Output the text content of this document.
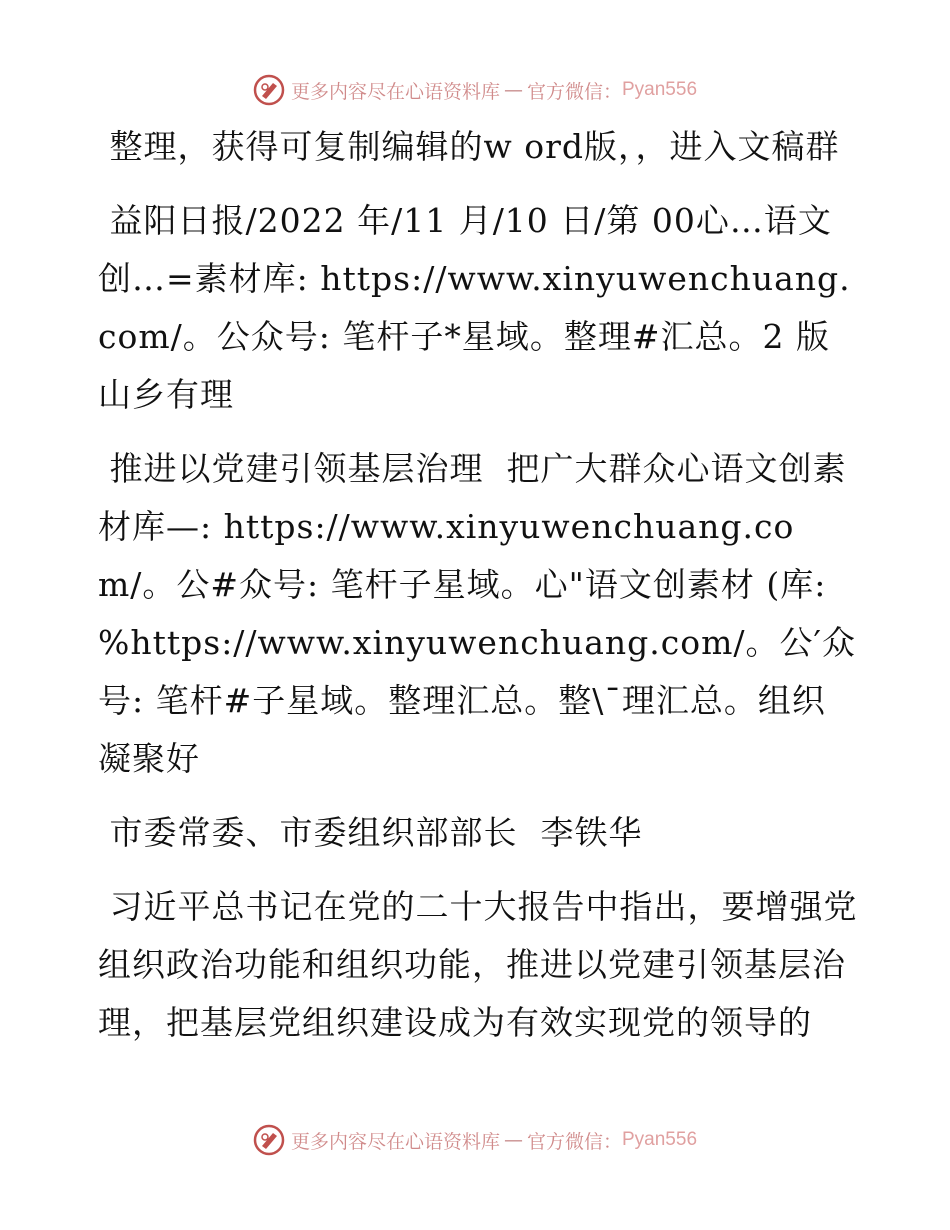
更多内容尽在心语资料库 — 官方微信： Pyan556

整理，获得可复制编辑的w ord版，，进入文稿群

益阳日报/2022 年/11 月/10 日/第 00心…语文创…=素材库: https://www.xinyuwenchuang.com/。公众号: 笔杆子*星域。整理#汇总。2 版山乡有理

推进以党建引领基层治理  把广大群众心语文创素材库—: https://www.xinyuwenchuang.com/。公#众号: 笔杆子星域。心"语文创素材 (库: %https://www.xinyuwenchuang.com/。公′众号: 笔杆#子星域。整理汇总。整\¯理汇总。组织凝聚好

市委常委、市委组织部部长  李铁华

习近平总书记在党的二十大报告中指出，要增强党组织政治功能和组织功能，推进以党建引领基层治理，把基层党组织建设成为有效实现党的领导的

更多内容尽在心语资料库 — 官方微信： Pyan556
